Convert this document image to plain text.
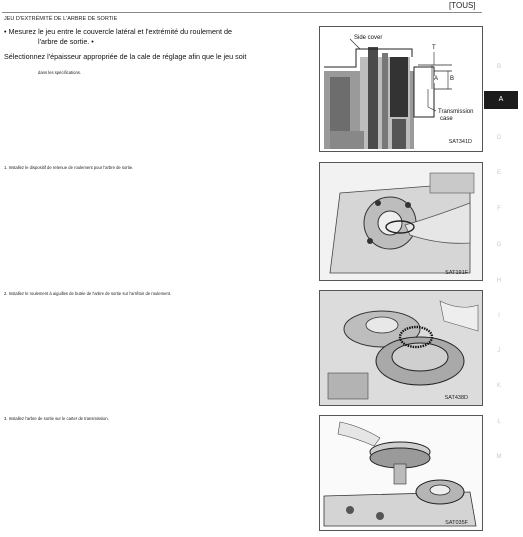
[TOUS]
JEU D'EXTRÉMITÉ DE L'ARBRE DE SORTIE
• Mesurez le jeu entre le couvercle latéral et l'extrémité du roulement de
l'arbre de sortie. •
Sélectionnez l'épaisseur appropriée de la cale de réglage afin que le jeu soit
dans les spécifications.
1. Installez le dispositif de retenue de roulement pour l'arbre de sortie.
2. Installez le roulement à aiguilles de butée de l'arbre de sortie sur l'arrêtoir de roulement.
3. Installez l'arbre de sortie sur le carter de transmission.
Side cover
T
A B
Transmission
case
SAT341D
SAT191F
SAT438D
SAT035F
B
A
D
E
F
G
H
I
J
K
L
M
